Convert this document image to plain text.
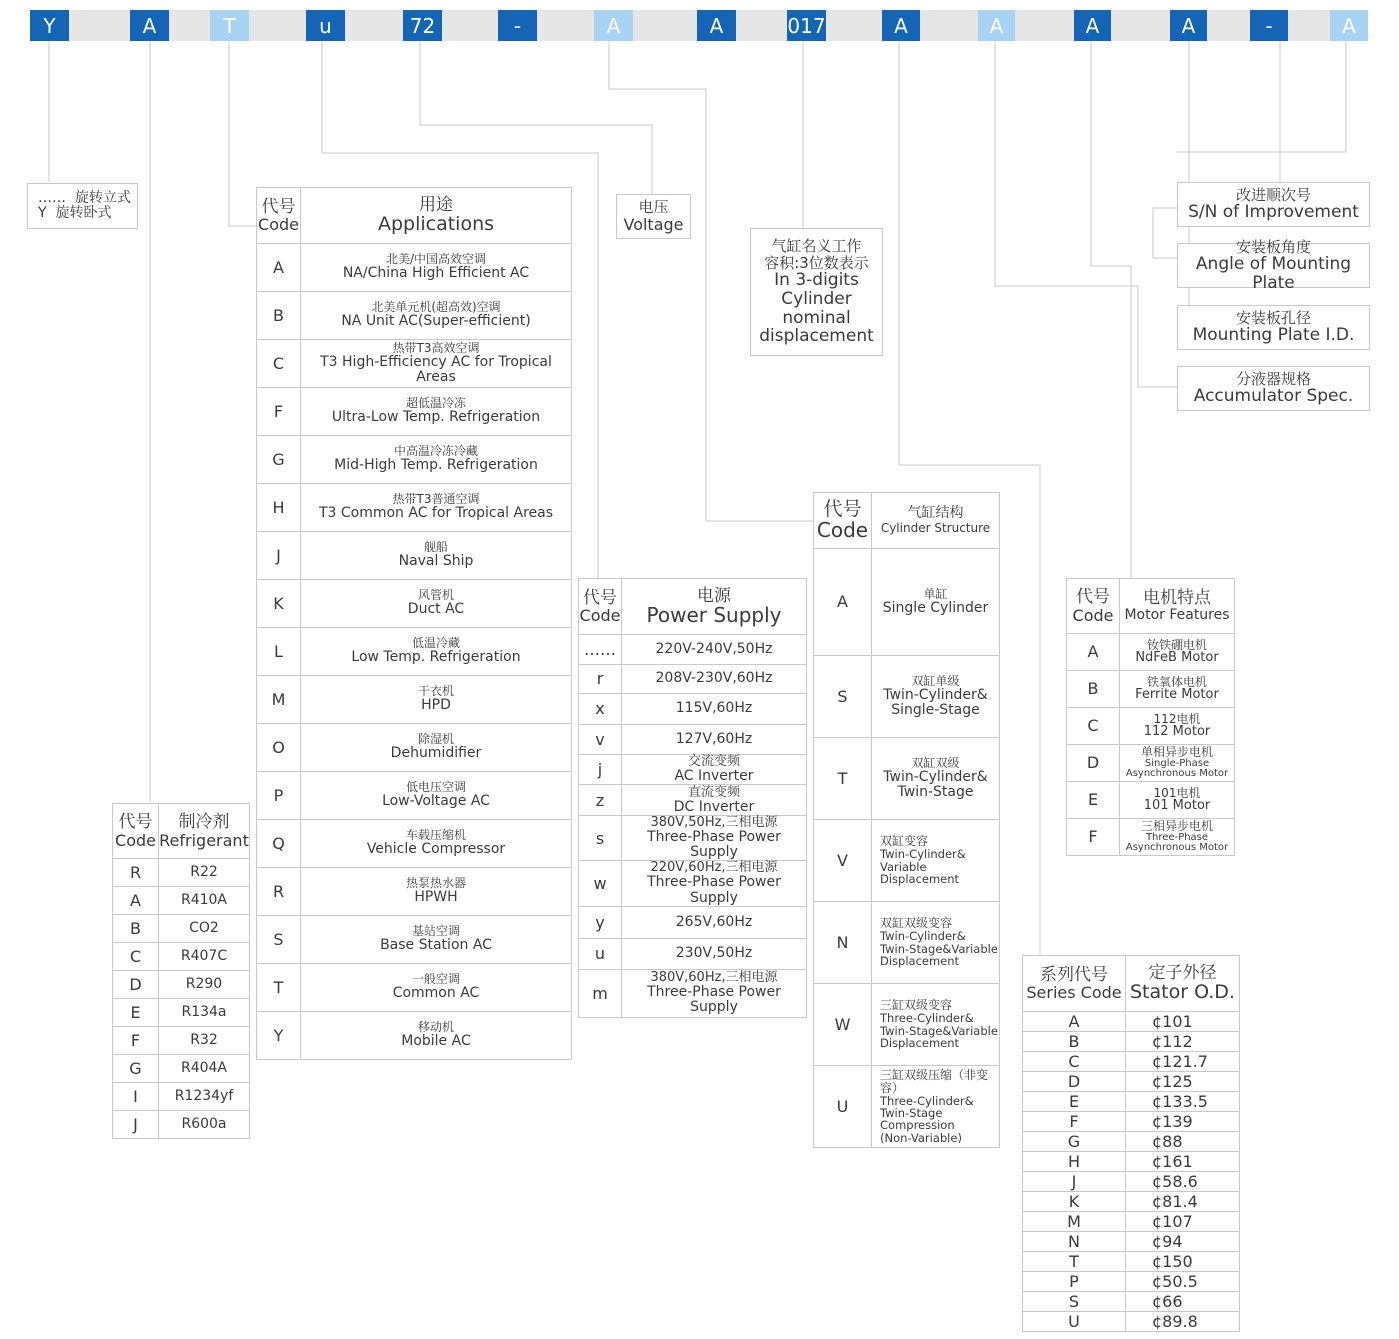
Y	A	T	u	72	-	A	A	017	A	A	A	A	-	A
…… 旋转立式
Y 旋转卧式	电压
Voltage
气缸名义工作
容积:3位数表示
In 3-digits
Cylinder
nominal
displacement
改进顺次号
S/N of Improvement
安装板角度
Angle of Mounting Plate
安装板孔径
Mounting Plate I.D.
分液器规格
Accumulator Spec.
代号
Code	制冷剂
Refrigerant

R	R22
A	R410A
B	CO2
C	R407C
D	R290
E	R134a
F	R32
G	R404A
I	R1234yf
J	R600a
代号
Code	用途
Applications

A	北美/中国高效空调
NA/China High Efficient AC

B	北美单元机(超高效)空调
NA Unit AC(Super-efficient)

C	热带T3高效空调
T3 High-Efficiency AC for Tropical Areas

F	超低温冷冻
Ultra-Low Temp. Refrigeration

G	中高温冷冻冷藏
Mid-High Temp. Refrigeration

H	热带T3普通空调
T3 Common AC for Tropical Areas

J	舰船
Naval Ship

K	风管机
Duct AC

L	低温冷藏
Low Temp. Refrigeration

M	干衣机
HPD

O	除湿机
Dehumidifier

P	低电压空调
Low-Voltage AC

Q	车载压缩机
Vehicle Compressor

R	热泵热水器
HPWH

S	基站空调
Base Station AC

T	一般空调
Common AC

Y	移动机
Mobile AC
代号
Code	电源
Power Supply

……	220V-240V,50Hz

r	208V-230V,60Hz

x	115V,60Hz

v	127V,60Hz

j	交流变频
AC Inverter

z	直流变频
DC Inverter

s	380V,50Hz,三相电源
Three-Phase Power Supply

w	220V,60Hz,三相电源
Three-Phase Power Supply

y	265V,60Hz

u	230V,50Hz

m	380V,60Hz,三相电源
Three-Phase Power Supply
代号
Code	气缸结构
Cylinder Structure

A	单缸
Single Cylinder

S	双缸单级
Twin-Cylinder&
Single-Stage

T	双缸双级
Twin-Cylinder&
Twin-Stage

V	双缸变容
Twin-Cylinder&
Variable Displacement

N	双缸双级变容
Twin-Cylinder&
Twin-Stage&Variable
Displacement

W	三缸双级变容
Three-Cylinder&
Twin-Stage&Variable
Displacement

U	三缸双级压缩（非变容）
Three-Cylinder&
Twin-Stage
Compression
(Non-Variable)
代号
Code	电机特点
Motor Features

A	钕铁硼电机
NdFeB Motor

B	铁氧体电机
Ferrite Motor

C	112电机
112 Motor

D	单相异步电机
Single-Phase
Asynchronous Motor

E	101电机
101 Motor

F	三相异步电机
Three-Phase
Asynchronous Motor
系列代号
Series Code	定子外径
Stator O.D.

A	¢101
B	¢112
C	¢121.7
D	¢125
E	¢133.5
F	¢139
G	¢88
H	¢161
J	¢58.6
K	¢81.4
M	¢107
N	¢94
T	¢150
P	¢50.5
S	¢66
U	¢89.8
